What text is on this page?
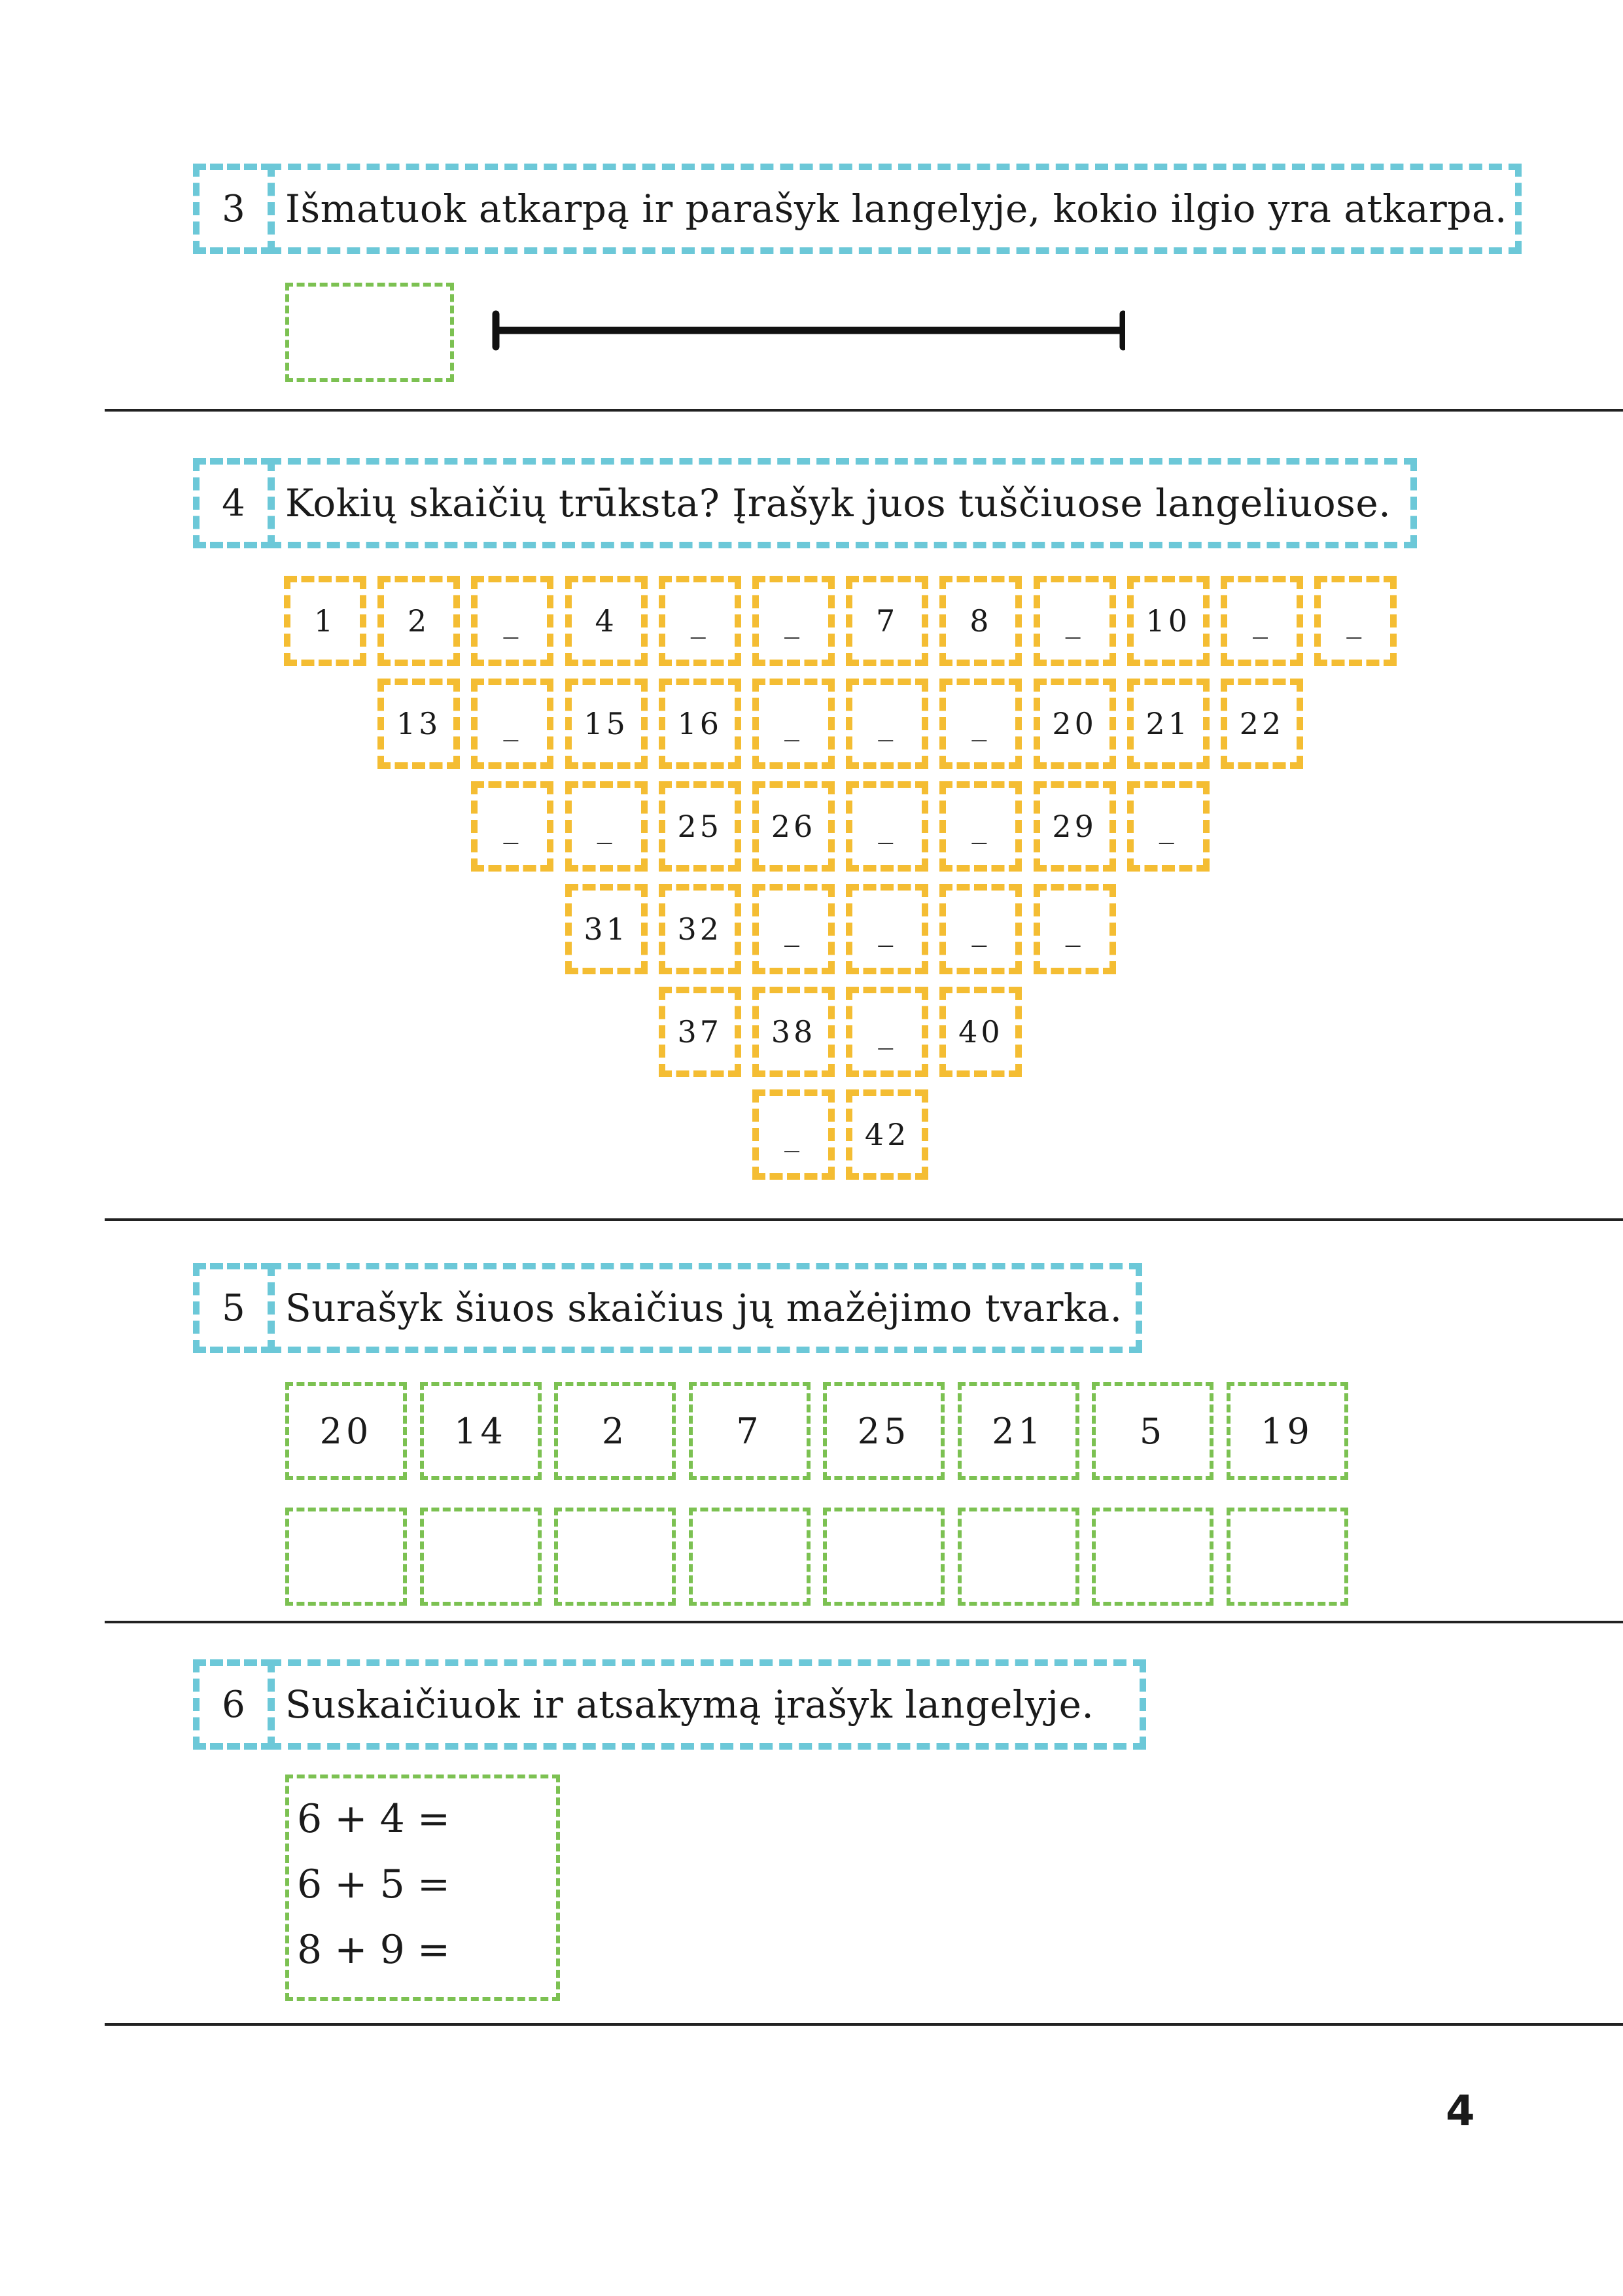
3 Išmatuok atkarpą ir parašyk langelyje, kokio ilgio yra atkarpa.
4 Kokių skaičių trūksta? Įrašyk juos tuščiuose langeliuose.
1	2	_	4	_	_	7	8	_	10	_	_
13	_	15	16	_	_	_	20	21	22
_	_	25	26	_	_	29	_
31	32	_	_	_	_
37	38	_	40
_	42
5 Surašyk šiuos skaičius jų mažėjimo tvarka.
20	14	2	7	25	21	5	19
6 Suskaičiuok ir atsakymą įrašyk langelyje.
6 + 4 =
6 + 5 =
8 + 9 =
4
